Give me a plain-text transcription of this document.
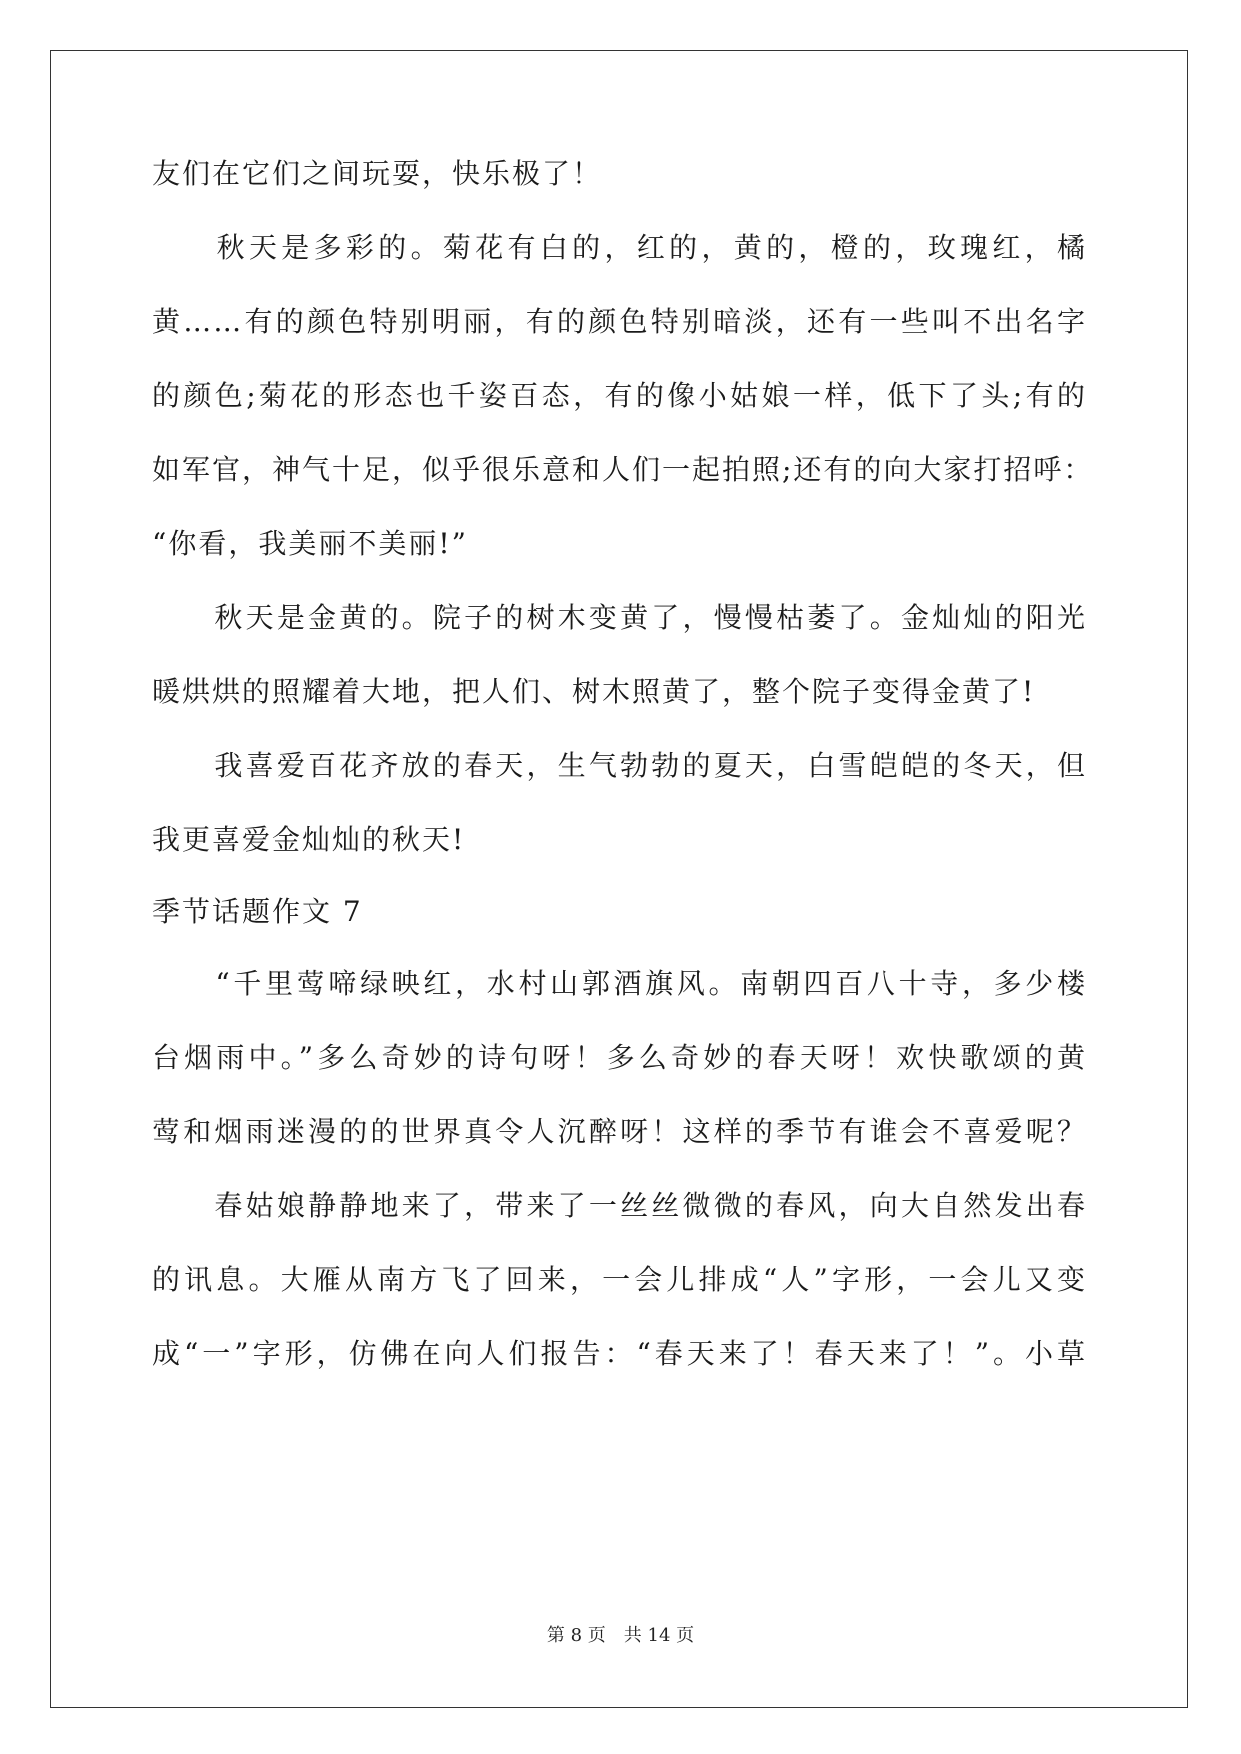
友们在它们之间玩耍，快乐极了！

　　秋天是多彩的。菊花有白的，红的，黄的，橙的，玫瑰红，橘

黄……有的颜色特别明丽，有的颜色特别暗淡，还有一些叫不出名字

的颜色;菊花的形态也千姿百态，有的像小姑娘一样，低下了头;有的

如军官，神气十足，似乎很乐意和人们一起拍照;还有的向大家打招呼：

“你看，我美丽不美丽!”

　　秋天是金黄的。院子的树木变黄了，慢慢枯萎了。金灿灿的阳光

暖烘烘的照耀着大地，把人们、树木照黄了，整个院子变得金黄了!

　　我喜爱百花齐放的春天，生气勃勃的夏天，白雪皑皑的冬天，但

我更喜爱金灿灿的秋天!

季节话题作文 7

　　“千里莺啼绿映红，水村山郭酒旗风。南朝四百八十寺，多少楼

台烟雨中。”多么奇妙的诗句呀！多么奇妙的春天呀！欢快歌颂的黄

莺和烟雨迷漫的的世界真令人沉醉呀！这样的季节有谁会不喜爱呢？

　　春姑娘静静地来了，带来了一丝丝微微的春风，向大自然发出春

的讯息。大雁从南方飞了回来，一会儿排成“人”字形，一会儿又变

成“一”字形，仿佛在向人们报告：“春天来了！春天来了！”。小草

第 8 页　共 14 页
